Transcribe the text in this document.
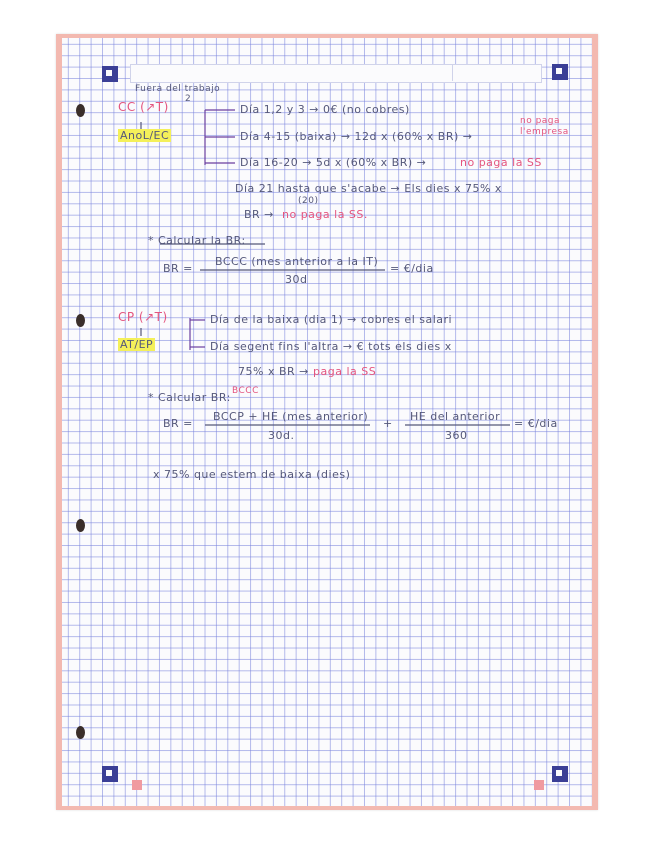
Fuera del trabajo
CC (↗T)
2
AnoL/EC
Día 1,2 y 3 → 0€ (no cobres)
Día 4-15 (baixa) → 12d x (60% x BR) →
no paga l'empresa
Día 16-20 → 5d x (60% x BR) →	no paga la SS
Día 21 hasta que s'acabe → Els dies x 75% x
(20)
BR → no paga la SS.
* Calcular la BR:
BR =
BCCC (mes anterior a la IT)
30d
= €/dia
CP (↗T)
AT/EP
Día de la baixa (dia 1) → cobres el salari
Día segent fins l'altra → € tots els dies x
75% x BR → paga la SS
* Calcular BR: BCCC
BR =
BCCP + HE (mes anterior)
30d.
+
HE del anterior
360
= €/dia
x 75% que estem de baixa (dies)
